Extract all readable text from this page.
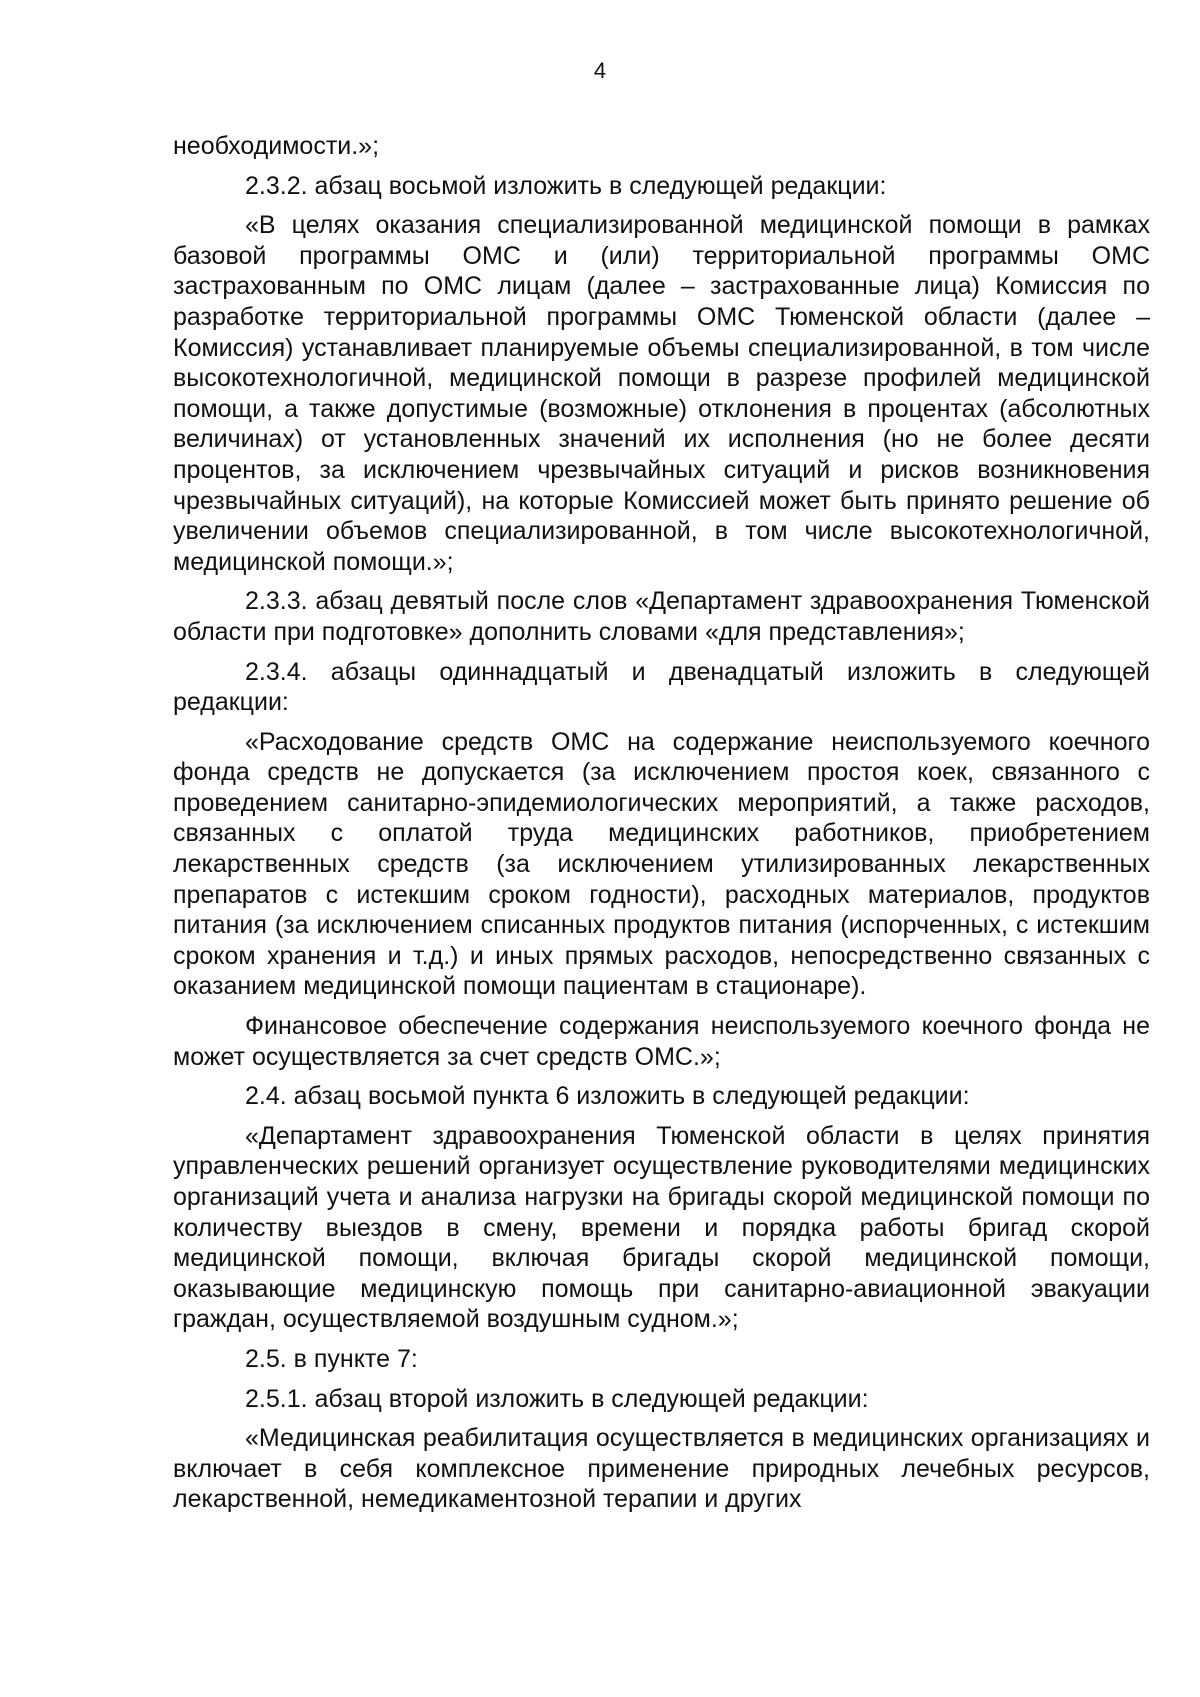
4

необходимости.»;

2.3.2. абзац восьмой изложить в следующей редакции:

«В целях оказания специализированной медицинской помощи в рамках базовой программы ОМС и (или) территориальной программы ОМС застрахованным по ОМС лицам (далее – застрахованные лица) Комиссия по разработке территориальной программы ОМС Тюменской области (далее – Комиссия) устанавливает планируемые объемы специализированной, в том числе высокотехнологичной, медицинской помощи в разрезе профилей медицинской помощи, а также допустимые (возможные) отклонения в процентах (абсолютных величинах) от установленных значений их исполнения (но не более десяти процентов, за исключением чрезвычайных ситуаций и рисков возникновения чрезвычайных ситуаций), на которые Комиссией может быть принято решение об увеличении объемов специализированной, в том числе высокотехнологичной, медицинской помощи.»;

2.3.3. абзац девятый после слов «Департамент здравоохранения Тюменской области при подготовке» дополнить словами «для представления»;

2.3.4. абзацы одиннадцатый и двенадцатый изложить в следующей редакции:

«Расходование средств ОМС на содержание неиспользуемого коечного фонда средств не допускается (за исключением простоя коек, связанного с проведением санитарно-эпидемиологических мероприятий, а также расходов, связанных с оплатой труда медицинских работников, приобретением лекарственных средств (за исключением утилизированных лекарственных препаратов с истекшим сроком годности), расходных материалов, продуктов питания (за исключением списанных продуктов питания (испорченных, с истекшим сроком хранения и т.д.) и иных прямых расходов, непосредственно связанных с оказанием медицинской помощи пациентам в стационаре).

Финансовое обеспечение содержания неиспользуемого коечного фонда не может осуществляется за счет средств ОМС.»;

2.4. абзац восьмой пункта 6 изложить в следующей редакции:

«Департамент здравоохранения Тюменской области в целях принятия управленческих решений организует осуществление руководителями медицинских организаций учета и анализа нагрузки на бригады скорой медицинской помощи по количеству выездов в смену, времени и порядка работы бригад скорой медицинской помощи, включая бригады скорой медицинской помощи, оказывающие медицинскую помощь при санитарно-авиационной эвакуации граждан, осуществляемой воздушным судном.»;

2.5. в пункте 7:

2.5.1. абзац второй изложить в следующей редакции:

«Медицинская реабилитация осуществляется в медицинских организациях и включает в себя комплексное применение природных лечебных ресурсов, лекарственной, немедикаментозной терапии и других
